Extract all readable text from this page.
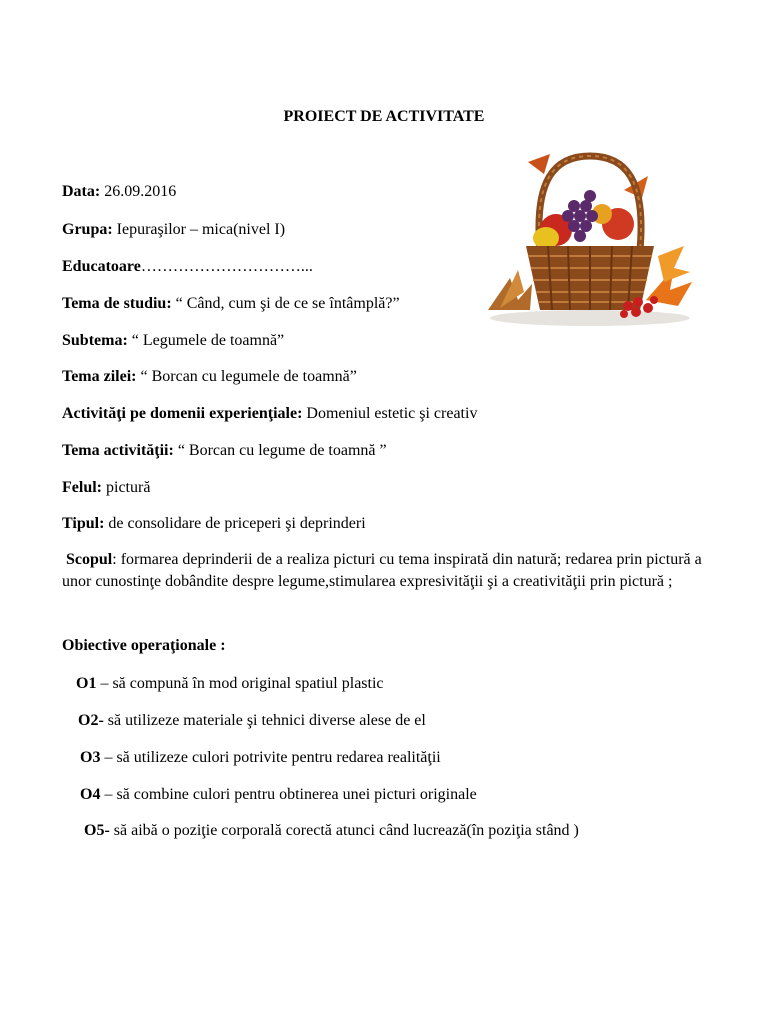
PROIECT DE ACTIVITATE
Data: 26.09.2016
Grupa: Iepuraşilor – mica(nivel I)
Educatoare…………………………...
Tema de studiu: “ Când, cum şi de ce se întâmplă?”
Subtema: “ Legumele de toamnă”
Tema zilei: “ Borcan cu legumele de toamnă”
Activităţi pe domenii experienţiale: Domeniul estetic şi creativ
Tema activităţii: “ Borcan cu legume de toamnă ”
Felul: pictură
Tipul: de consolidare de priceperi şi deprinderi
Scopul: formarea deprinderii de a realiza picturi cu tema inspirată din natură; redarea prin pictură a unor cunostinţe dobândite despre legume,stimularea expresivităţii şi a creativităţii prin pictură ;
Obiective operaţionale :
O1 – să compună în mod original spatiul plastic
O2- să utilizeze materiale şi tehnici diverse alese de el
O3 – să utilizeze culori potrivite pentru redarea realităţii
O4 – să combine culori pentru obtinerea unei picturi originale
O5- să aibă o poziţie corporală corectă atunci când lucrează(în poziţia stând )
